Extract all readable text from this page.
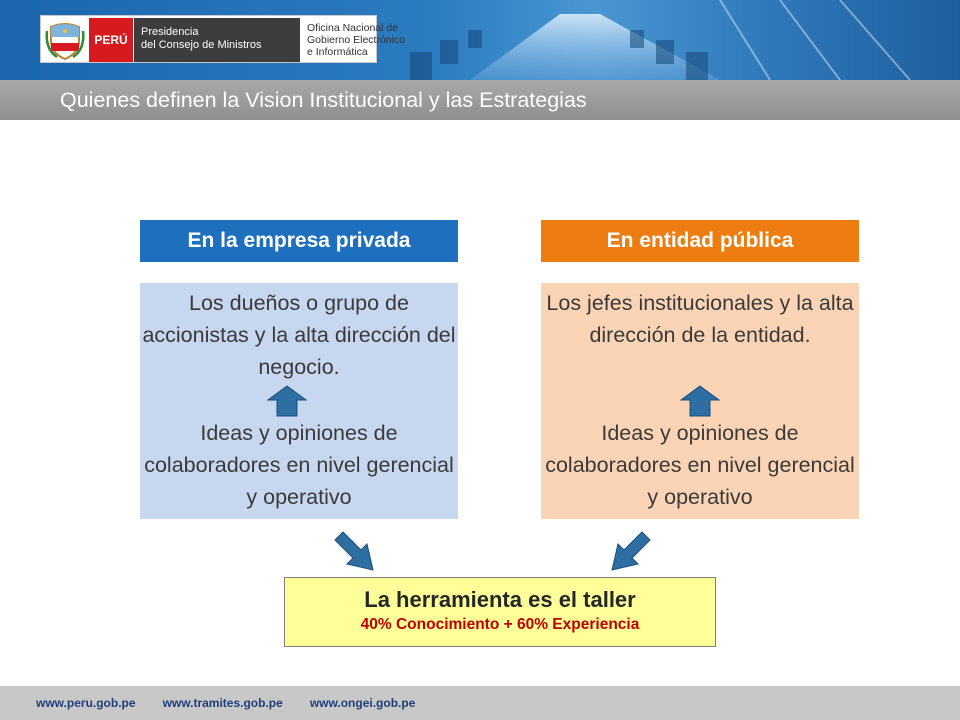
PERÚ
Presidencia
del Consejo de Ministros
Oficina Nacional de
Gobierno Electrónico
e Informática
Quienes definen la Vision Institucional y las Estrategias
En la empresa privada
Los dueños o grupo de accionistas y la alta dirección del negocio.
Ideas y opiniones de colaboradores en nivel gerencial y operativo
En entidad pública
Los jefes institucionales y la alta dirección de la entidad.
Ideas y opiniones de colaboradores en nivel gerencial y operativo
La herramienta es el taller
40% Conocimiento + 60% Experiencia
www.peru.gob.pe www.tramites.gob.pe www.ongei.gob.pe
